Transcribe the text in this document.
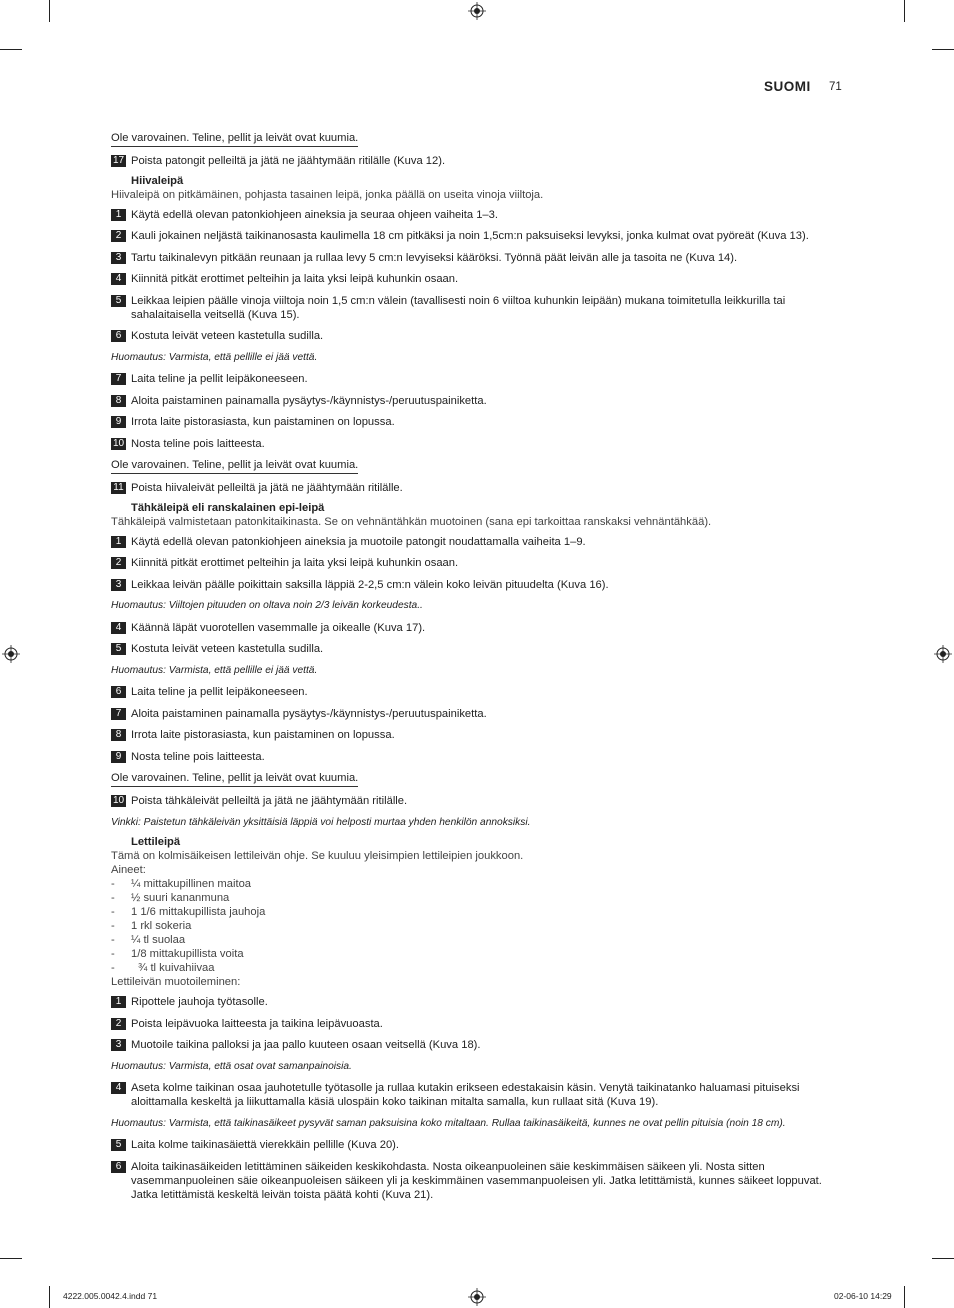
SUOMI 71
Ole varovainen. Teline, pellit ja leivät ovat kuumia.
17 Poista patongit pelleiltä ja jätä ne jäähtymään ritilälle (Kuva 12).
Hiivaleipä
Hiivaleipä on pitkämäinen, pohjasta tasainen leipä, jonka päällä on useita vinoja viiltoja.
1 Käytä edellä olevan patonkiohjeen aineksia ja seuraa ohjeen vaiheita 1–3.
2 Kauli jokainen neljästä taikinanosasta kaulimella 18 cm pitkäksi ja noin 1,5cm:n paksuiseksi levyksi, jonka kulmat ovat pyöreät (Kuva 13).
3 Tartu taikinalevyn pitkään reunaan ja rullaa levy 5 cm:n levyiseksi kääröksi. Työnnä päät leivän alle ja tasoita ne (Kuva 14).
4 Kiinnitä pitkät erottimet pelteihin ja laita yksi leipä kuhunkin osaan.
5 Leikkaa leipien päälle vinoja viiltoja noin 1,5 cm:n välein (tavallisesti noin 6 viiltoa kuhunkin leipään) mukana toimitetulla leikkurilla tai sahalaitaisella veitsellä (Kuva 15).
6 Kostuta leivät veteen kastetulla sudilla.
Huomautus: Varmista, että pellille ei jää vettä.
7 Laita teline ja pellit leipäkoneeseen.
8 Aloita paistaminen painamalla pysäytys-/käynnistys-/peruutuspainiketta.
9 Irrota laite pistorasiasta, kun paistaminen on lopussa.
10 Nosta teline pois laitteesta.
Ole varovainen. Teline, pellit ja leivät ovat kuumia.
11 Poista hiivaleivät pelleiltä ja jätä ne jäähtymään ritilälle.
Tähkäleipä eli ranskalainen epi-leipä
Tähkäleipä valmistetaan patonkitaikinasta. Se on vehnäntähkän muotoinen (sana epi tarkoittaa ranskaksi vehnäntähkää).
1 Käytä edellä olevan patonkiohjeen aineksia ja muotoile patongit noudattamalla vaiheita 1–9.
2 Kiinnitä pitkät erottimet pelteihin ja laita yksi leipä kuhunkin osaan.
3 Leikkaa leivän päälle poikittain saksilla läppiä 2-2,5 cm:n välein koko leivän pituudelta (Kuva 16).
Huomautus: Viiltojen pituuden on oltava noin 2/3 leivän korkeudesta..
4 Käännä läpät vuorotellen vasemmalle ja oikealle (Kuva 17).
5 Kostuta leivät veteen kastetulla sudilla.
Huomautus: Varmista, että pellille ei jää vettä.
6 Laita teline ja pellit leipäkoneeseen.
7 Aloita paistaminen painamalla pysäytys-/käynnistys-/peruutuspainiketta.
8 Irrota laite pistorasiasta, kun paistaminen on lopussa.
9 Nosta teline pois laitteesta.
Ole varovainen. Teline, pellit ja leivät ovat kuumia.
10 Poista tähkäleivät pelleiltä ja jätä ne jäähtymään ritilälle.
Vinkki: Paistetun tähkäleivän yksittäisiä läppiä voi helposti murtaa yhden henkilön annoksiksi.
Lettileipä
Tämä on kolmisäikeisen lettileivän ohje. Se kuuluu yleisimpien lettileipien joukkoon.
Aineet:
- ¼ mittakupillinen maitoa
- ½ suuri kananmuna
- 1 1/6 mittakupillista jauhoja
- 1 rkl sokeria
- ¼ tl suolaa
- 1/8 mittakupillista voita
- ¾ tl kuivahiivaa
Lettileivän muotoileminen:
1 Ripottele jauhoja työtasolle.
2 Poista leipävuoka laitteesta ja taikina leipävuoasta.
3 Muotoile taikina palloksi ja jaa pallo kuuteen osaan veitsellä (Kuva 18).
Huomautus: Varmista, että osat ovat samanpainoisia.
4 Aseta kolme taikinan osaa jauhotetulle työtasolle ja rullaa kutakin erikseen edestakaisin käsin. Venytä taikinatanko haluamasi pituiseksi aloittamalla keskeltä ja liikuttamalla käsiä ulospäin koko taikinan mitalta samalla, kun rullaat sitä (Kuva 19).
Huomautus: Varmista, että taikinasäikeet pysyvät saman paksuisina koko mitaltaan. Rullaa taikinasäikeitä, kunnes ne ovat pellin pituisia (noin 18 cm).
5 Laita kolme taikinasäiettä vierekkäin pellille (Kuva 20).
6 Aloita taikinasäikeiden letittäminen säikeiden keskikohdasta. Nosta oikeanpuoleinen säie keskimmäisen säikeen yli. Nosta sitten vasemmanpuoleinen säie oikeanpuoleisen säikeen yli ja keskimmäinen vasemmanpuoleisen yli. Jatka letittämistä, kunnes säikeet loppuvat. Jatka letittämistä keskeltä leivän toista päätä kohti (Kuva 21).
4222.005.0042.4.indd 71	02-06-10 14:29
